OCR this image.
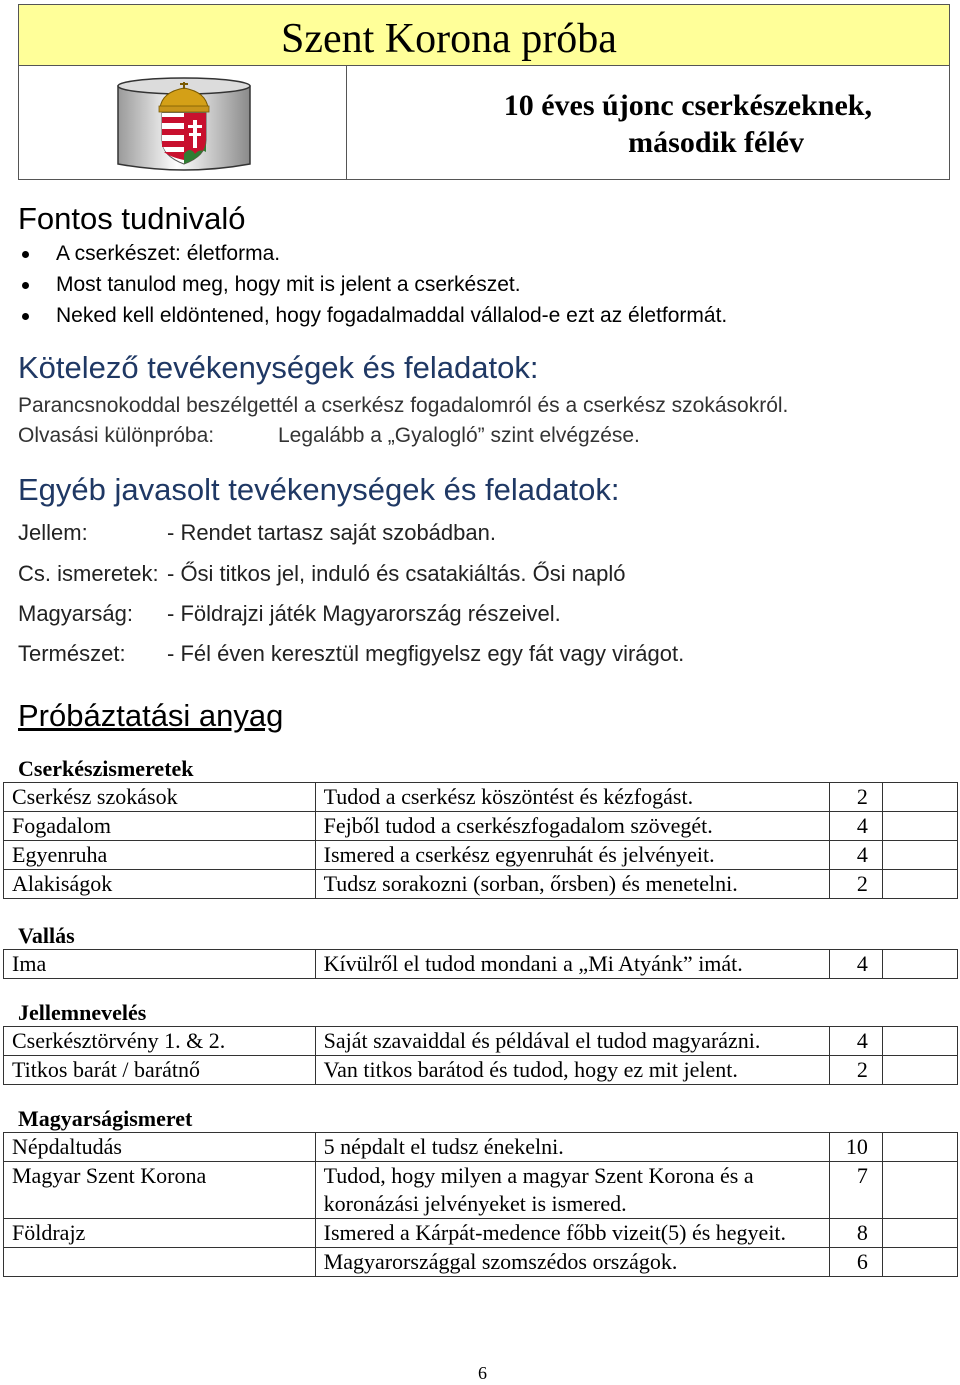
Szent Korona próba
10 éves újonc cserkészeknek,
második félév
Fontos tudnivaló
A cserkészet: életforma.
Most tanulod meg, hogy mit is jelent a cserkészet.
Neked kell eldöntened, hogy fogadalmaddal vállalod-e ezt az életformát.
Kötelező tevékenységek és feladatok:
Parancsnokoddal beszélgettél a cserkész fogadalomról és a cserkész szokásokról.
Olvasási különpróba:	Legalább a „Gyalogló” szint elvégzése.
Egyéb javasolt tevékenységek és feladatok:
Jellem:	- Rendet tartasz saját szobádban.
Cs. ismeretek: - Ősi titkos jel, induló és csatakiáltás. Ősi napló
Magyarság: - Földrajzi játék Magyarország részeivel.
Természet: - Fél éven keresztül megfigyelsz egy fát vagy virágot.
Próbáztatási anyag
Cserkészismeretek
Cserkész szokások	Tudod a cserkész köszöntést és kézfogást.	2	
Fogadalom	Fejből tudod a cserkészfogadalom szövegét.	4	
Egyenruha	Ismered a cserkész egyenruhát és jelvényeit.	4	
Alakiságok	Tudsz sorakozni (sorban, őrsben) és menetelni.	2	
Vallás
Ima	Kívülről el tudod mondani a „Mi Atyánk” imát.	4	
Jellemnevelés
Cserkésztörvény 1. & 2.	Saját szavaiddal és példával el tudod magyarázni.	4	
Titkos barát / barátnő	Van titkos barátod és tudod, hogy ez mit jelent.	2	
Magyarságismeret
Népdaltudás	5 népdalt el tudsz énekelni.	10	
Magyar Szent Korona	Tudod, hogy milyen a magyar Szent Korona és a koronázási jelvényeket is ismered.	7	
Földrajz	Ismered a Kárpát-medence főbb vizeit(5) és hegyeit.	8	
	Magyarországgal szomszédos országok.	6	
6
